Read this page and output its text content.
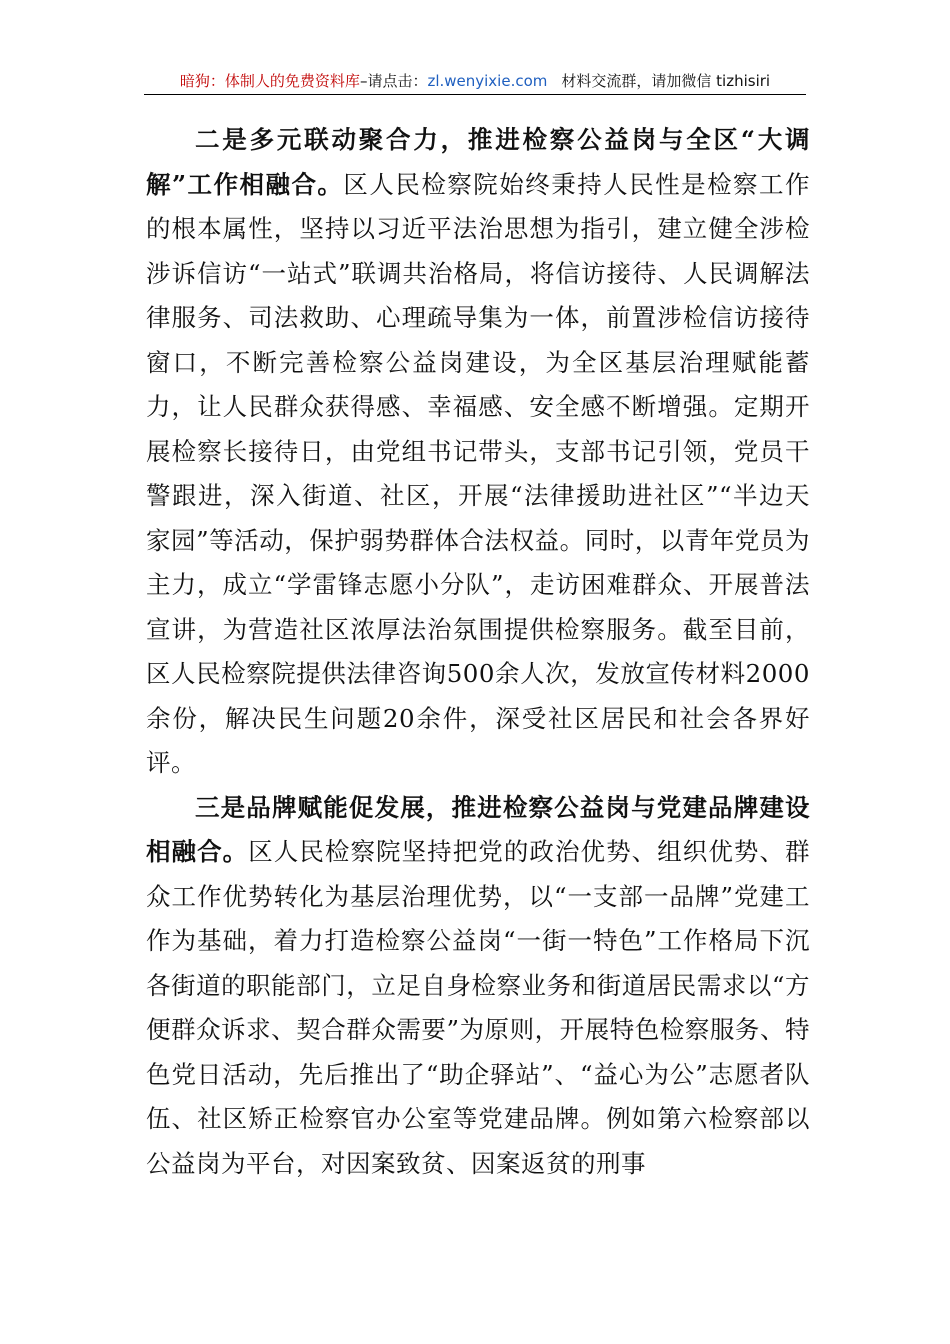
暗狗：体制人的免费资料库–请点击：zl.wenyixie.com 材料交流群，请加微信 tizhisiri

二是多元联动聚合力，推进检察公益岗与全区“大调解”工作相融合。区人民检察院始终秉持人民性是检察工作的根本属性，坚持以习近平法治思想为指引，建立健全涉检涉诉信访“一站式”联调共治格局，将信访接待、人民调解法律服务、司法救助、心理疏导集为一体，前置涉检信访接待窗口，不断完善检察公益岗建设，为全区基层治理赋能蓄力，让人民群众获得感、幸福感、安全感不断增强。定期开展检察长接待日，由党组书记带头，支部书记引领，党员干警跟进，深入街道、社区，开展“法律援助进社区”“半边天家园”等活动，保护弱势群体合法权益。同时，以青年党员为主力，成立“学雷锋志愿小分队”，走访困难群众、开展普法宣讲，为营造社区浓厚法治氛围提供检察服务。截至目前，区人民检察院提供法律咨询500余人次，发放宣传材料2000余份，解决民生问题20余件，深受社区居民和社会各界好评。

三是品牌赋能促发展，推进检察公益岗与党建品牌建设相融合。区人民检察院坚持把党的政治优势、组织优势、群众工作优势转化为基层治理优势，以“一支部一品牌”党建工作为基础，着力打造检察公益岗“一街一特色”工作格局下沉各街道的职能部门，立足自身检察业务和街道居民需求以“方便群众诉求、契合群众需要”为原则，开展特色检察服务、特色党日活动，先后推出了“助企驿站”、“益心为公”志愿者队伍、社区矫正检察官办公室等党建品牌。例如第六检察部以公益岗为平台，对因案致贫、因案返贫的刑事
